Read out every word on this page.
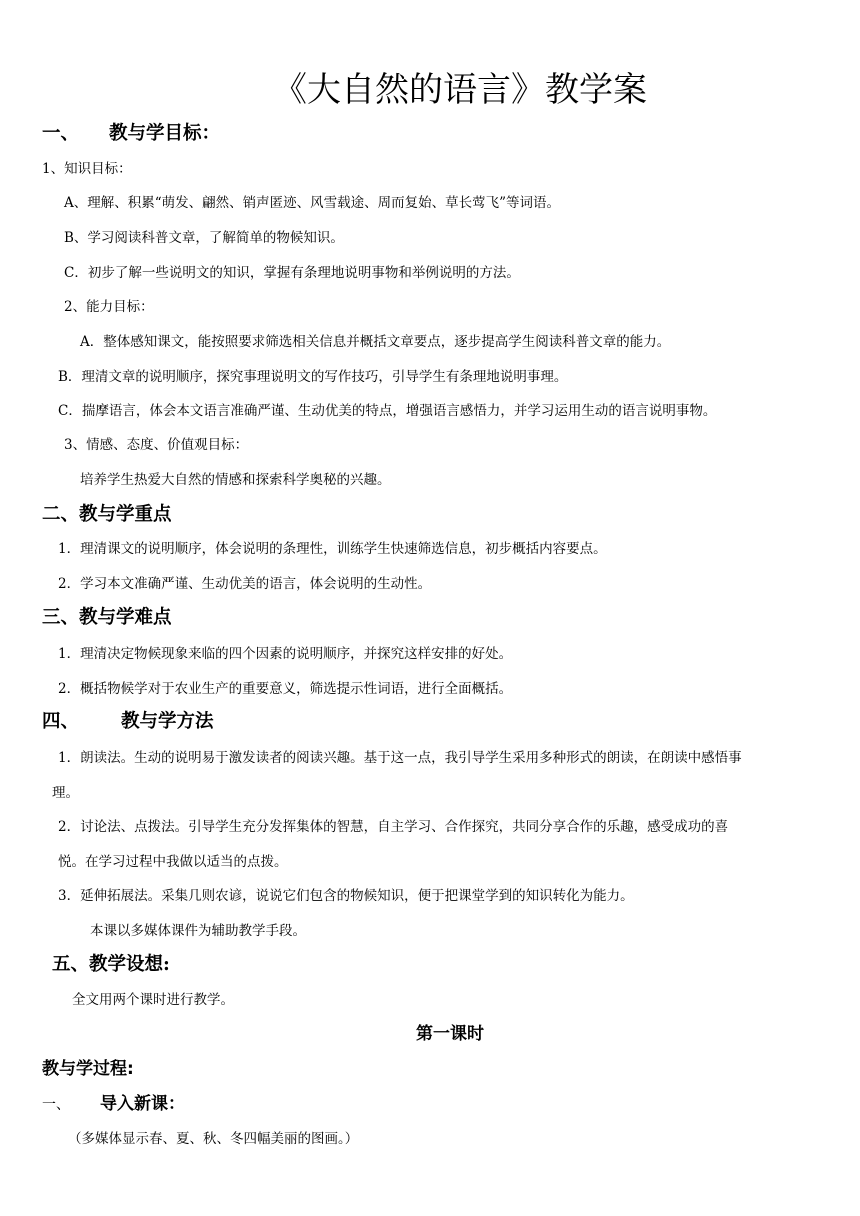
《大自然的语言》教学案
一、 教与学目标：
1、知识目标：
A、理解、积累“萌发、翩然、销声匿迹、风雪载途、周而复始、草长莺飞”等词语。
B、学习阅读科普文章，了解简单的物候知识。
C．初步了解一些说明文的知识，掌握有条理地说明事物和举例说明的方法。
2、能力目标：
A．整体感知课文，能按照要求筛选相关信息并概括文章要点，逐步提高学生阅读科普文章的能力。
B．理清文章的说明顺序，探究事理说明文的写作技巧，引导学生有条理地说明事理。
C．揣摩语言，体会本文语言准确严谨、生动优美的特点，增强语言感悟力，并学习运用生动的语言说明事物。
3、情感、态度、价值观目标：
培养学生热爱大自然的情感和探索科学奥秘的兴趣。
二、教与学重点
1．理清课文的说明顺序，体会说明的条理性，训练学生快速筛选信息，初步概括内容要点。
2．学习本文准确严谨、生动优美的语言，体会说明的生动性。
三、教与学难点
1．理清决定物候现象来临的四个因素的说明顺序，并探究这样安排的好处。
2．概括物候学对于农业生产的重要意义，筛选提示性词语，进行全面概括。
四、 教与学方法
1．朗读法。生动的说明易于激发读者的阅读兴趣。基于这一点，我引导学生采用多种形式的朗读，在朗读中感悟事
理。
2．讨论法、点拨法。引导学生充分发挥集体的智慧，自主学习、合作探究，共同分享合作的乐趣，感受成功的喜
悦。在学习过程中我做以适当的点拨。
3．延伸拓展法。采集几则农谚，说说它们包含的物候知识，便于把课堂学到的知识转化为能力。
本课以多媒体课件为辅助教学手段。
五、教学设想:
全文用两个课时进行教学。
第一课时
教与学过程:
一、 导入新课：
（多媒体显示春、夏、秋、冬四幅美丽的图画。）
